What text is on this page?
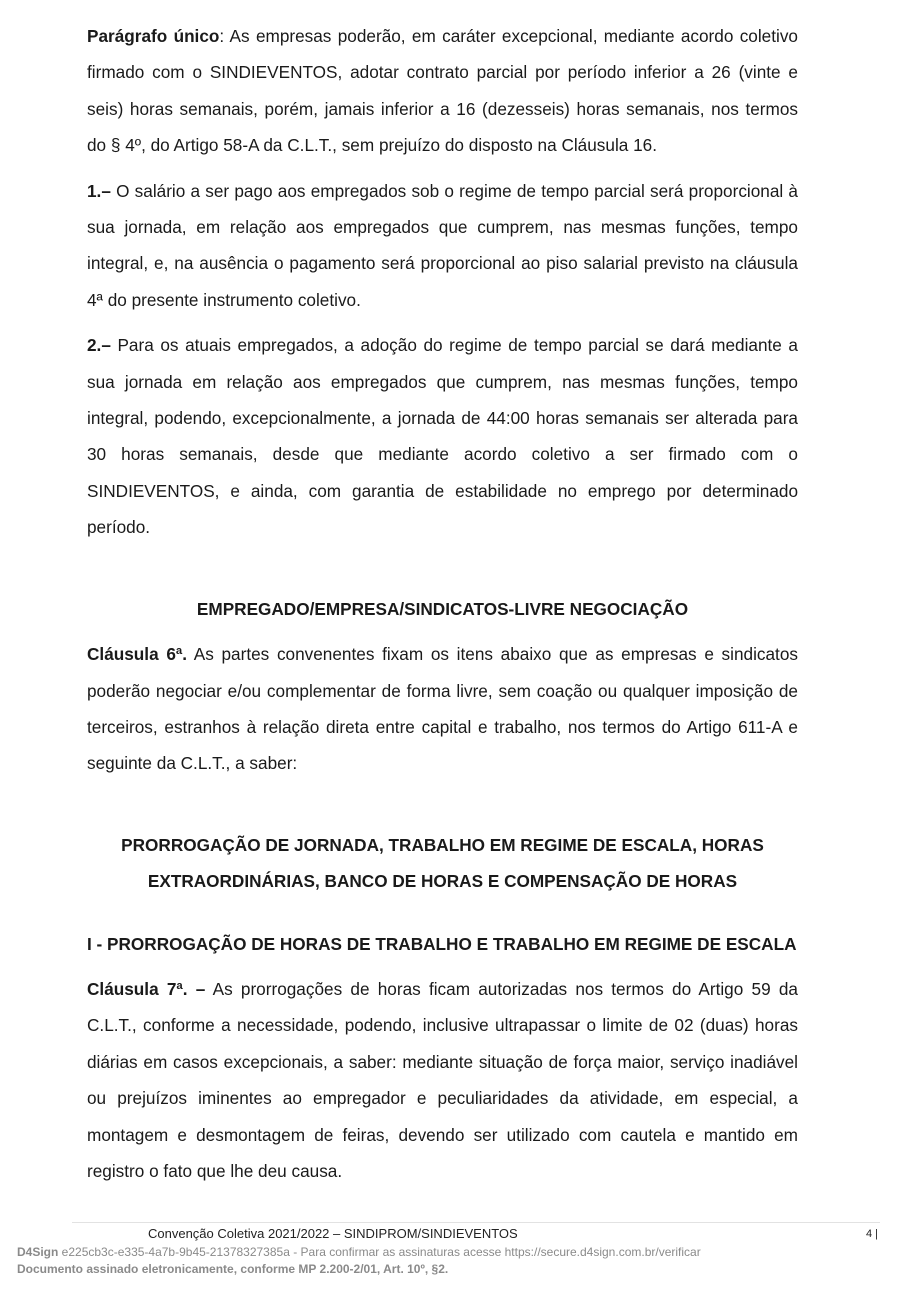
Parágrafo único: As empresas poderão, em caráter excepcional, mediante acordo coletivo firmado com o SINDIEVENTOS, adotar contrato parcial por período inferior a 26 (vinte e seis) horas semanais, porém, jamais inferior a 16 (dezesseis) horas semanais, nos termos do § 4º, do Artigo 58-A da C.L.T., sem prejuízo do disposto na Cláusula 16.

1.– O salário a ser pago aos empregados sob o regime de tempo parcial será proporcional à sua jornada, em relação aos empregados que cumprem, nas mesmas funções, tempo integral, e, na ausência o pagamento será proporcional ao piso salarial previsto na cláusula 4ª do presente instrumento coletivo.

2.– Para os atuais empregados, a adoção do regime de tempo parcial se dará mediante a sua jornada em relação aos empregados que cumprem, nas mesmas funções, tempo integral, podendo, excepcionalmente, a jornada de 44:00 horas semanais ser alterada para 30 horas semanais, desde que mediante acordo coletivo a ser firmado com o SINDIEVENTOS, e ainda, com garantia de estabilidade no emprego por determinado período.

EMPREGADO/EMPRESA/SINDICATOS-LIVRE NEGOCIAÇÃO

Cláusula 6ª. As partes convenentes fixam os itens abaixo que as empresas e sindicatos poderão negociar e/ou complementar de forma livre, sem coação ou qualquer imposição de terceiros, estranhos à relação direta entre capital e trabalho, nos termos do Artigo 611-A e seguinte da C.L.T., a saber:

PRORROGAÇÃO DE JORNADA, TRABALHO EM REGIME DE ESCALA, HORAS

EXTRAORDINÁRIAS, BANCO DE HORAS E COMPENSAÇÃO DE HORAS

I - PRORROGAÇÃO DE HORAS DE TRABALHO E TRABALHO EM REGIME DE ESCALA

Cláusula 7ª. – As prorrogações de horas ficam autorizadas nos termos do Artigo 59 da C.L.T., conforme a necessidade, podendo, inclusive ultrapassar o limite de 02 (duas) horas diárias em casos excepcionais, a saber: mediante situação de força maior, serviço inadiável ou prejuízos iminentes ao empregador e peculiaridades da atividade, em especial, a montagem e desmontagem de feiras, devendo ser utilizado com cautela e mantido em registro o fato que lhe deu causa.

Convenção Coletiva 2021/2022 – SINDIPROM/SINDIEVENTOS	4 |
D4Sign e225cb3c-e335-4a7b-9b45-21378327385a - Para confirmar as assinaturas acesse https://secure.d4sign.com.br/verificar
Documento assinado eletronicamente, conforme MP 2.200-2/01, Art. 10º, §2.
